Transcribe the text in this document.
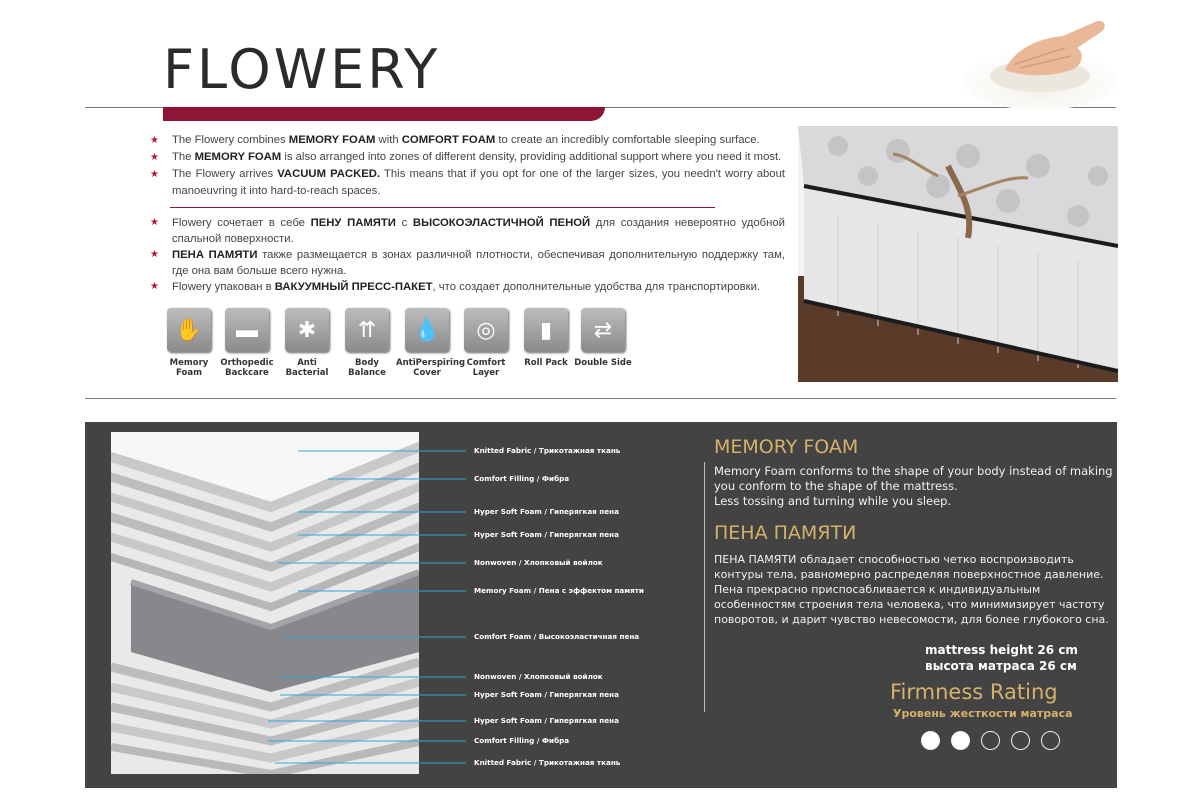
FLOWERY
★ The Flowery combines MEMORY FOAM with COMFORT FOAM to create an incredibly comfortable sleeping surface.
★ The MEMORY FOAM is also arranged into zones of different density, providing additional support where you need it most.
★ The Flowery arrives VACUUM PACKED. This means that if you opt for one of the larger sizes, you needn't worry about manoeuvring it into hard-to-reach spaces.
★ Flowery сочетает в себе ПЕНУ ПАМЯТИ с ВЫСОКОЭЛАСТИЧНОЙ ПЕНОЙ для создания невероятно удобной спальной поверхности.
★ ПЕНА ПАМЯТИ также размещается в зонах различной плотности, обеспечивая дополнительную поддержку там, где она вам больше всего нужна.
★ Flowery упакован в ВАКУУМНЫЙ ПРЕСС-ПАКЕТ, что создает дополнительные удобства для транспортировки.
✋
Memory
Foam
▬
Orthopedic
Backcare
✱
Anti
Bacterial
⇈
Body
Balance
💧
AntiPerspiring
Cover
◎
Comfort
Layer
▮
Roll Pack
⇄
Double Side
Knitted Fabric / Трикотажная ткань
Comfort Filling / Фибра
Hyper Soft Foam / Гиперягкая пена
Hyper Soft Foam / Гиперягкая пена
Nonwoven / Хлопковый войлок
Memory Foam / Пена с эффектом памяти
Comfort Foam / Высокоэластичная пена
Nonwoven / Хлопковый войлок
Hyper Soft Foam / Гиперягкая пена
Hyper Soft Foam / Гиперягкая пена
Comfort Filling / Фибра
Knitted Fabric / Трикотажная ткань
MEMORY FOAM
Memory Foam conforms to the shape of your body instead of making
you conform to the shape of the mattress.
Less tossing and turning while you sleep.
ПЕНА ПАМЯТИ
ПЕНА ПАМЯТИ обладает способностью четко воспроизводить
контуры тела, равномерно распределяя поверхностное давление.
Пена прекрасно приспосабливается к индивидуальным
особенностям строения тела человека, что минимизирует частоту
поворотов, и дарит чувство невесомости, для более глубокого сна.
mattress height 26 cm
высота матраса 26 см
Firmness Rating
Уровень жесткости матраса
